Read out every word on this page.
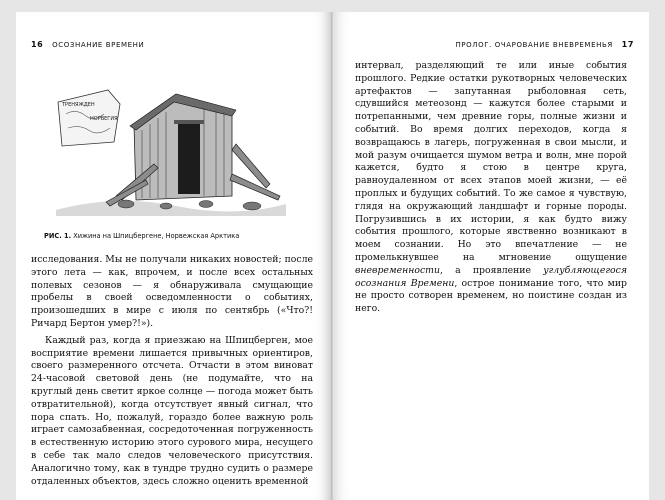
16 ОСОЗНАНИЕ ВРЕМЕНИ
ТРЕНЯЖДЕН
НОРВЕГИЯ
РИС. 1. Хижина на Шпицбергене, Норвежская Арктика

исследования. Мы не получали никаких новостей; после этого лета — как, впрочем, и после всех остальных полевых сезонов — я обнаруживала смущающие пробелы в своей осведомленности о событиях, произошедших в мире с июля по сентябрь («Что?! Ричард Бертон умер?!»).

Каждый раз, когда я приезжаю на Шпицберген, мое восприятие времени лишается привычных ориентиров, своего размеренного отсчета. Отчасти в этом виноват 24-часовой световой день (не подумайте, что на круглый день светит яркое солнце — погода может быть отвратительной), когда отсутствует явный сигнал, что пора спать. Но, пожалуй, гораздо более важную роль играет самозабвенная, сосредоточенная погруженность в естественную историю этого сурового мира, несущего в себе так мало следов человеческого присутствия. Аналогично тому, как в тундре трудно судить о размере отдаленных объектов, здесь сложно оценить временной

ПРОЛОГ. ОЧАРОВАНИЕ ВНЕВРЕМЕНЬЯ 17

интервал, разделяющий те или иные события прошлого. Редкие остатки рукотворных человеческих артефактов — запутанная рыболовная сеть, сдувшийся метеозонд — кажутся более старыми и потрепанными, чем древние горы, полные жизни и событий. Во время долгих переходов, когда я возвращаюсь в лагерь, погруженная в свои мысли, и мой разум очищается шумом ветра и волн, мне порой кажется, будто я стою в центре круга, равноудаленном от всех этапов моей жизни, — её проплых и будущих событий. То же самое я чувствую, глядя на окружающий ландшафт и горные породы. Погрузившись в их истории, я как будто вижу события прошлого, которые явственно возникают в моем сознании. Но это впечатление — не промелькнувшее на мгновение ощущение вневременности, а проявление углубляющегося осознания Времени, острое понимание того, что мир не просто сотворен временем, но поистине создан из него.
